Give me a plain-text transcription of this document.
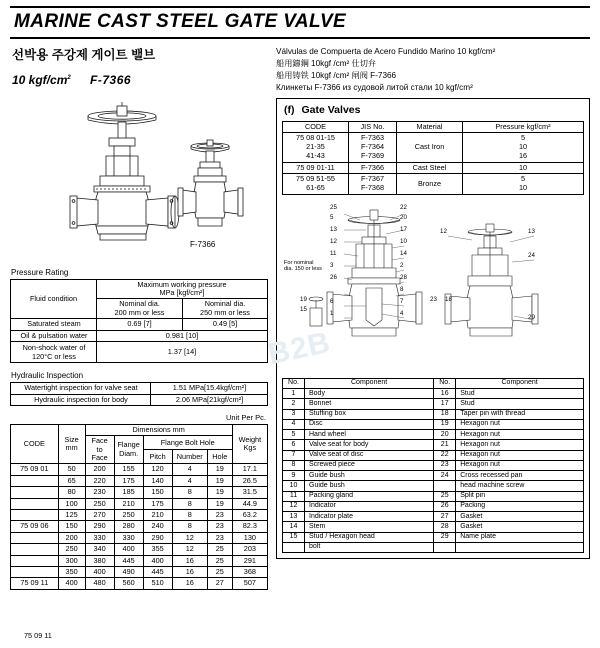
MARINE CAST STEEL GATE VALVE
선박용 주강제 게이트 밸브
10 kgf/$cm^2$ F-7366
Válvulas de Compuerta de Acero Fundido Marino 10 kgf/cm²
船用鑄鋼 10kgf /cm² 仕切弁
船用铸铁 10kgf /cm² 闸阀 F-7366
Клинкеты F-7366 из судовой литой стали 10 kgf/cm²
F-7366
Pressure Rating
Fluid condition	Maximum working pressure
MPa [kgf/cm²]	
	Nominal dia.
200 mm or less	Nominal dia.
250 mm or less
Saturated steam	0.69 [7]	0.49 [5]
Oil & pulsation water	0.981 [10]	
Non-shock water of
120°C or less	1.37 [14]	
Hydraulic Inspection
Watertight inspection for valve seat	1.51 MPa[15.4kgf/cm²]
Hydraulic inspection for body	2.06 MPa[21kgf/cm²]
Unit Per Pc.
CODE	Size
mm	Dimensions mm					Weight
Kgs
		Face
to
Face	Flange
Diam.	Flange Bolt Hole			
				Pitch	Number	Hole	
75 09 01	50	200	155	120	4	19	17.1
	65	220	175	140	4	19	26.5
	80	230	185	150	8	19	31.5
	100	250	210	175	8	19	44.9
	125	270	250	210	8	23	63.2
75 09 06	150	290	280	240	8	23	82.3
	200	330	330	290	12	23	130
	250	340	400	355	12	25	203
	300	380	445	400	16	25	291
	350	400	490	445	16	25	368
75 09 11	400	480	560	510	16	27	507
(f) Gate Valves
CODE	JIS No.	Material	Pressure kgf/cm²
75 08 01-15
21-35
41-43	F-7363
F-7364
F-7369	Cast Iron	5
10
16
75 09 01-11	F-7366	Cast Steel	10
75 09 51-55
61-65	F-7367
F-7368	Bronze	5
10
25	22
5	20
13
12
11
3
26
17
10
14
2
28
8
7
4
6
1
12	13
24
29
19
15
23 18
For nominal
dia. 150 or less
No.	Component	No.	Component
1	Body	16	Stud
2	Bonnet	17	Stud
3	Stuffing box	18	Taper pin with thread
4	Disc	19	Hexagon nut
5	Hand wheel	20	Hexagon nut
6	Valve seat for body	21	Hexagon nut
7	Valve seat of disc	22	Hexagon nut
8	Screwed piece	23	Hexagon nut
9	Guide bush	24	Cross recessed pan
10	Guide bush		head machine screw
11	Packing gland	25	Split pin
12	Indicator	26	Packing
13	Indicator plate	27	Gasket
14	Stem	28	Gasket
15	Stud / Hexagon head	29	Name plate
	bolt		
B2B
75 09 11
